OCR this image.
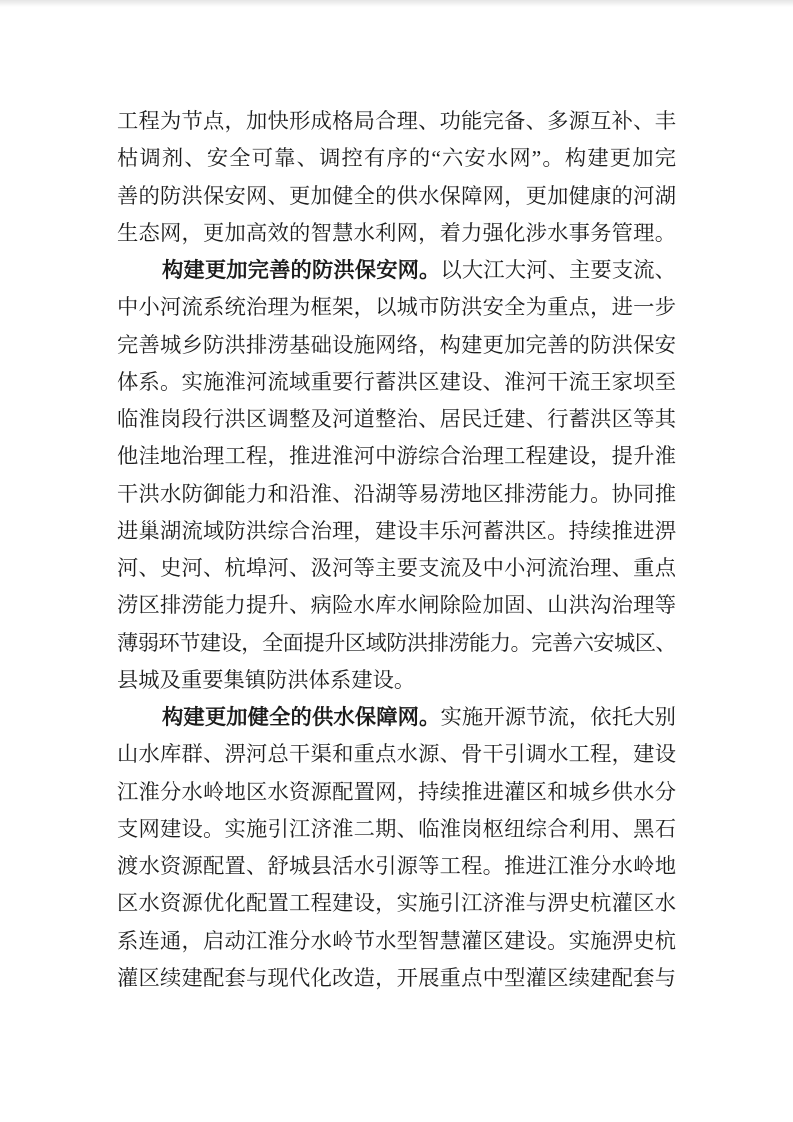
工程为节点，加快形成格局合理、功能完备、多源互补、丰
枯调剂、安全可靠、调控有序的“六安水网”。构建更加完
善的防洪保安网、更加健全的供水保障网，更加健康的河湖
生态网，更加高效的智慧水利网，着力强化涉水事务管理。
构建更加完善的防洪保安网。以大江大河、主要支流、
中小河流系统治理为框架，以城市防洪安全为重点，进一步
完善城乡防洪排涝基础设施网络，构建更加完善的防洪保安
体系。实施淮河流域重要行蓄洪区建设、淮河干流王家坝至
临淮岗段行洪区调整及河道整治、居民迁建、行蓄洪区等其
他洼地治理工程，推进淮河中游综合治理工程建设，提升淮
干洪水防御能力和沿淮、沿湖等易涝地区排涝能力。协同推
进巢湖流域防洪综合治理，建设丰乐河蓄洪区。持续推进淠
河、史河、杭埠河、汲河等主要支流及中小河流治理、重点
涝区排涝能力提升、病险水库水闸除险加固、山洪沟治理等
薄弱环节建设，全面提升区域防洪排涝能力。完善六安城区、
县城及重要集镇防洪体系建设。
构建更加健全的供水保障网。实施开源节流，依托大别
山水库群、淠河总干渠和重点水源、骨干引调水工程，建设
江淮分水岭地区水资源配置网，持续推进灌区和城乡供水分
支网建设。实施引江济淮二期、临淮岗枢纽综合利用、黑石
渡水资源配置、舒城县活水引源等工程。推进江淮分水岭地
区水资源优化配置工程建设，实施引江济淮与淠史杭灌区水
系连通，启动江淮分水岭节水型智慧灌区建设。实施淠史杭
灌区续建配套与现代化改造，开展重点中型灌区续建配套与
